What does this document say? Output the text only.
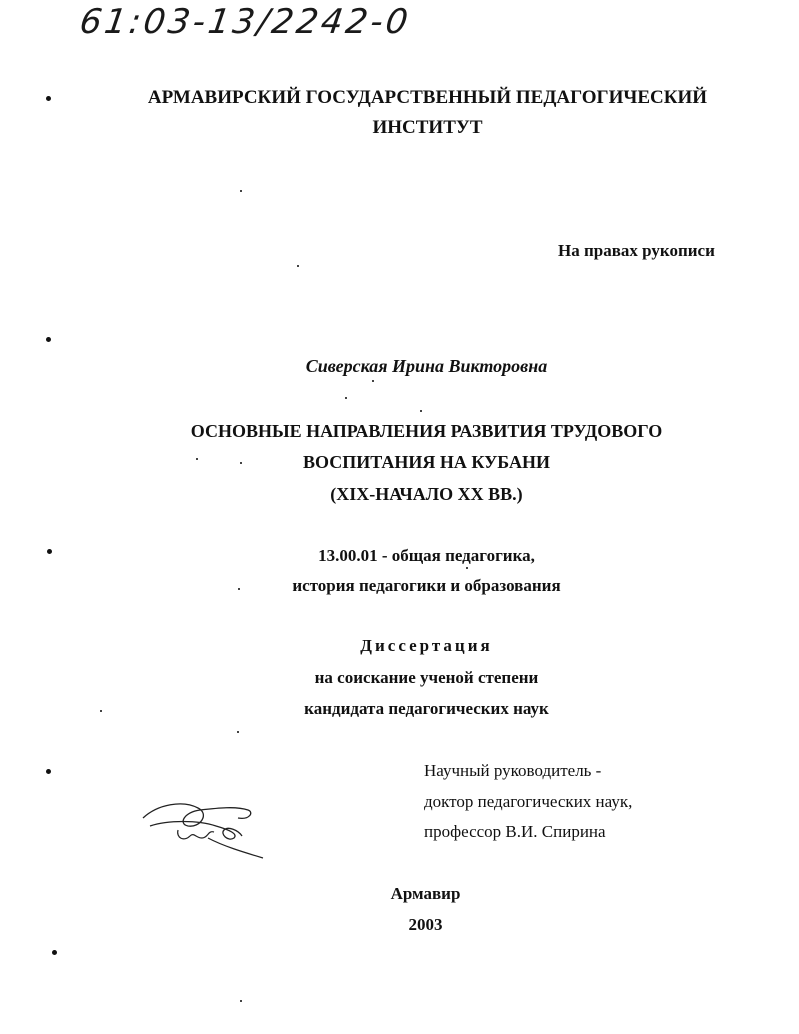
61:03-13/2242-0
АРМАВИРСКИЙ ГОСУДАРСТВЕННЫЙ ПЕДАГОГИЧЕСКИЙ
ИНСТИТУТ
На правах рукописи
Сиверская Ирина Викторовна
ОСНОВНЫЕ НАПРАВЛЕНИЯ РАЗВИТИЯ ТРУДОВОГО
ВОСПИТАНИЯ НА КУБАНИ
(XIX-НАЧАЛО XX ВВ.)
13.00.01 - общая педагогика,
история педагогики и образования
Диссертация
на соискание ученой степени
кандидата педагогических наук
Научный руководитель -
доктор педагогических наук,
профессор В.И. Спирина
Армавир
2003
